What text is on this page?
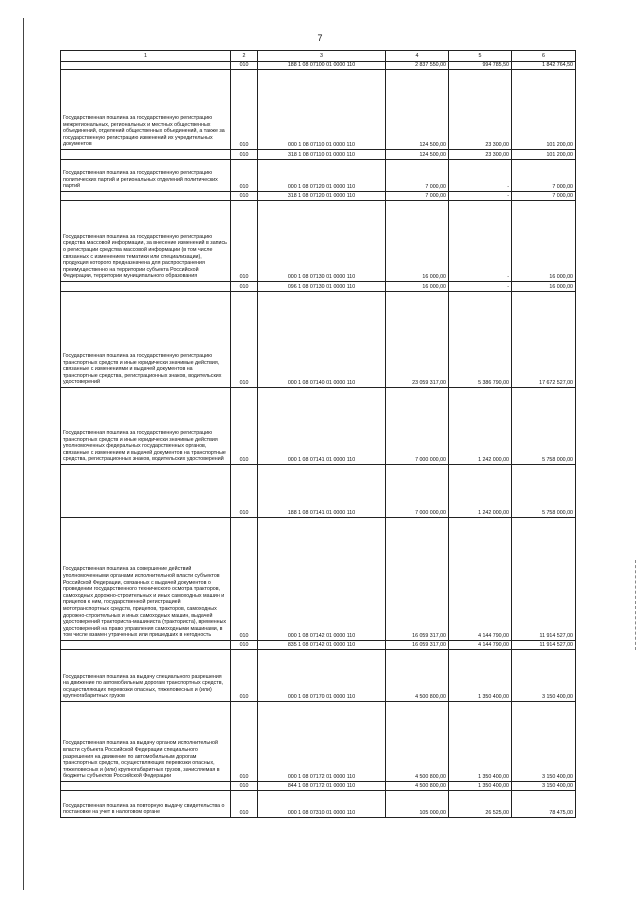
7
1	2	3	4	5	6
	010	188 1 08 07100 01 0000 110	2 837 550,00	994 785,50	1 842 764,50
Государственная пошлина за государственную регистрацию межрегиональных, региональных и местных общественных объединений, отделений общественных объединений, а также за государственную регистрацию изменений их учредительных документов	010	000 1 08 07110 01 0000 110	124 500,00	23 300,00	101 200,00
	010	318 1 08 07110 01 0000 110	124 500,00	23 300,00	101 200,00
Государственная пошлина за государственную регистрацию политических партий и региональных отделений политических партий	010	000 1 08 07120 01 0000 110	7 000,00	-	7 000,00
	010	318 1 08 07120 01 0000 110	7 000,00	-	7 000,00
Государственная пошлина за государственную регистрацию средства массовой информации, за внесение изменений в запись о регистрации средства массовой информации (в том числе связанных с изменением тематики или специализации), продукция которого предназначена для распространения преимущественно на территории субъекта Российской Федерации, территории муниципального образования	010	000 1 08 07130 01 0000 110	16 000,00	-	16 000,00
	010	096 1 08 07130 01 0000 110	16 000,00	-	16 000,00
Государственная пошлина за государственную регистрацию транспортных средств и иные юридически значимые действия, связанные с изменениями и выдачей документов на транспортные средства, регистрационных знаков, водительских удостоверений	010	000 1 08 07140 01 0000 110	23 059 317,00	5 386 790,00	17 672 527,00
Государственная пошлина за государственную регистрацию транспортных средств и иные юридически значимые действия уполномоченных федеральных государственных органов, связанные с изменением и выдачей документов на транспортные средства, регистрационных знаков, водительских удостоверений	010	000 1 08 07141 01 0000 110	7 000 000,00	1 242 000,00	5 758 000,00
	010	188 1 08 07141 01 0000 110	7 000 000,00	1 242 000,00	5 758 000,00
Государственная пошлина за совершение действий уполномоченными органами исполнительной власти субъектов Российской Федерации, связанных с выдачей документов о проведении государственного технического осмотра тракторов, самоходных дорожно-строительных и иных самоходных машин и прицепов к ним, государственной регистрацией мототранспортных средств, прицепов, тракторов, самоходных дорожно-строительных и иных самоходных машин, выдачей удостоверений тракториста-машиниста (тракториста), временных удостоверений на право управления самоходными машинами, в том числе взамен утраченных или пришедших в негодность	010	000 1 08 07142 01 0000 110	16 059 317,00	4 144 790,00	11 914 527,00
	010	835 1 08 07142 01 0000 110	16 059 317,00	4 144 790,00	11 914 527,00
Государственная пошлина за выдачу специального разрешения на движение по автомобильным дорогам транспортных средств, осуществляющих перевозки опасных, тяжеловесных и (или) крупногабаритных грузов	010	000 1 08 07170 01 0000 110	4 500 800,00	1 350 400,00	3 150 400,00
Государственная пошлина за выдачу органом исполнительной власти субъекта Российской Федерации специального разрешения на движение по автомобильным дорогам транспортных средств, осуществляющих перевозки опасных, тяжеловесных и (или) крупногабаритных грузов, зачисляемая в бюджеты субъектов Российской Федерации	010	000 1 08 07172 01 0000 110	4 500 800,00	1 350 400,00	3 150 400,00
	010	844 1 08 07172 01 0000 110	4 500 800,00	1 350 400,00	3 150 400,00
Государственная пошлина за повторную выдачу свидетельства о постановке на учет в налоговом органе	010	000 1 08 07310 01 0000 110	105 000,00	26 525,00	78 475,00
